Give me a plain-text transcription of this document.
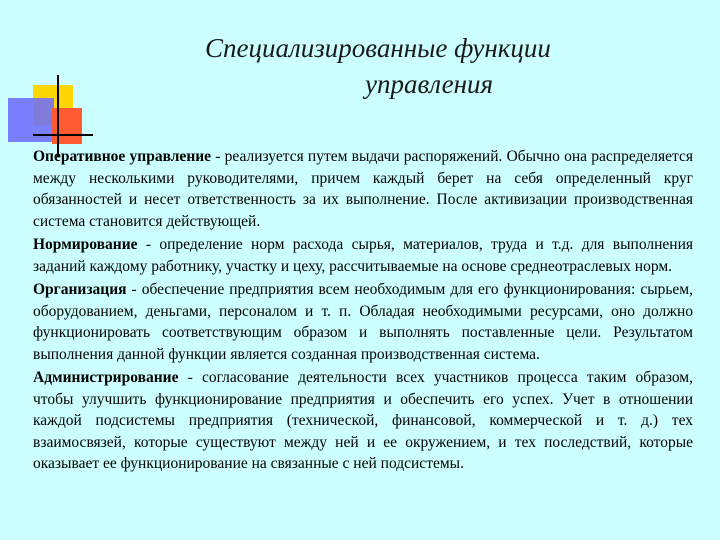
Специализированные функции
управления

Оперативное управление - реализуется путем выдачи распоряжений. Обычно она распределяется между несколькими руководителями, причем каждый берет на себя определенный круг обязанностей и несет ответственность за их выполнение. После активизации производственная система становится действующей.

Нормирование - определение норм расхода сырья, материалов, труда и т.д. для выполнения заданий каждому работнику, участку и цеху, рассчитываемые на основе среднеотраслевых норм.

Организация - обеспечение предприятия всем необходимым для его функционирования: сырьем, оборудованием, деньгами, персоналом и т. п. Обладая необходимыми ресурсами, оно должно функционировать соответствующим образом и выполнять поставленные цели. Результатом выполнения данной функции является созданная производственная система.

Администрирование - согласование деятельности всех участников процесса таким образом, чтобы улучшить функционирование предприятия и обеспечить его успех. Учет в отношении каждой подсистемы предприятия (технической, финансовой, коммерческой и т. д.) тех взаимосвязей, которые существуют между ней и ее окружением, и тех последствий, которые оказывает ее функционирование на связанные с ней подсистемы.
